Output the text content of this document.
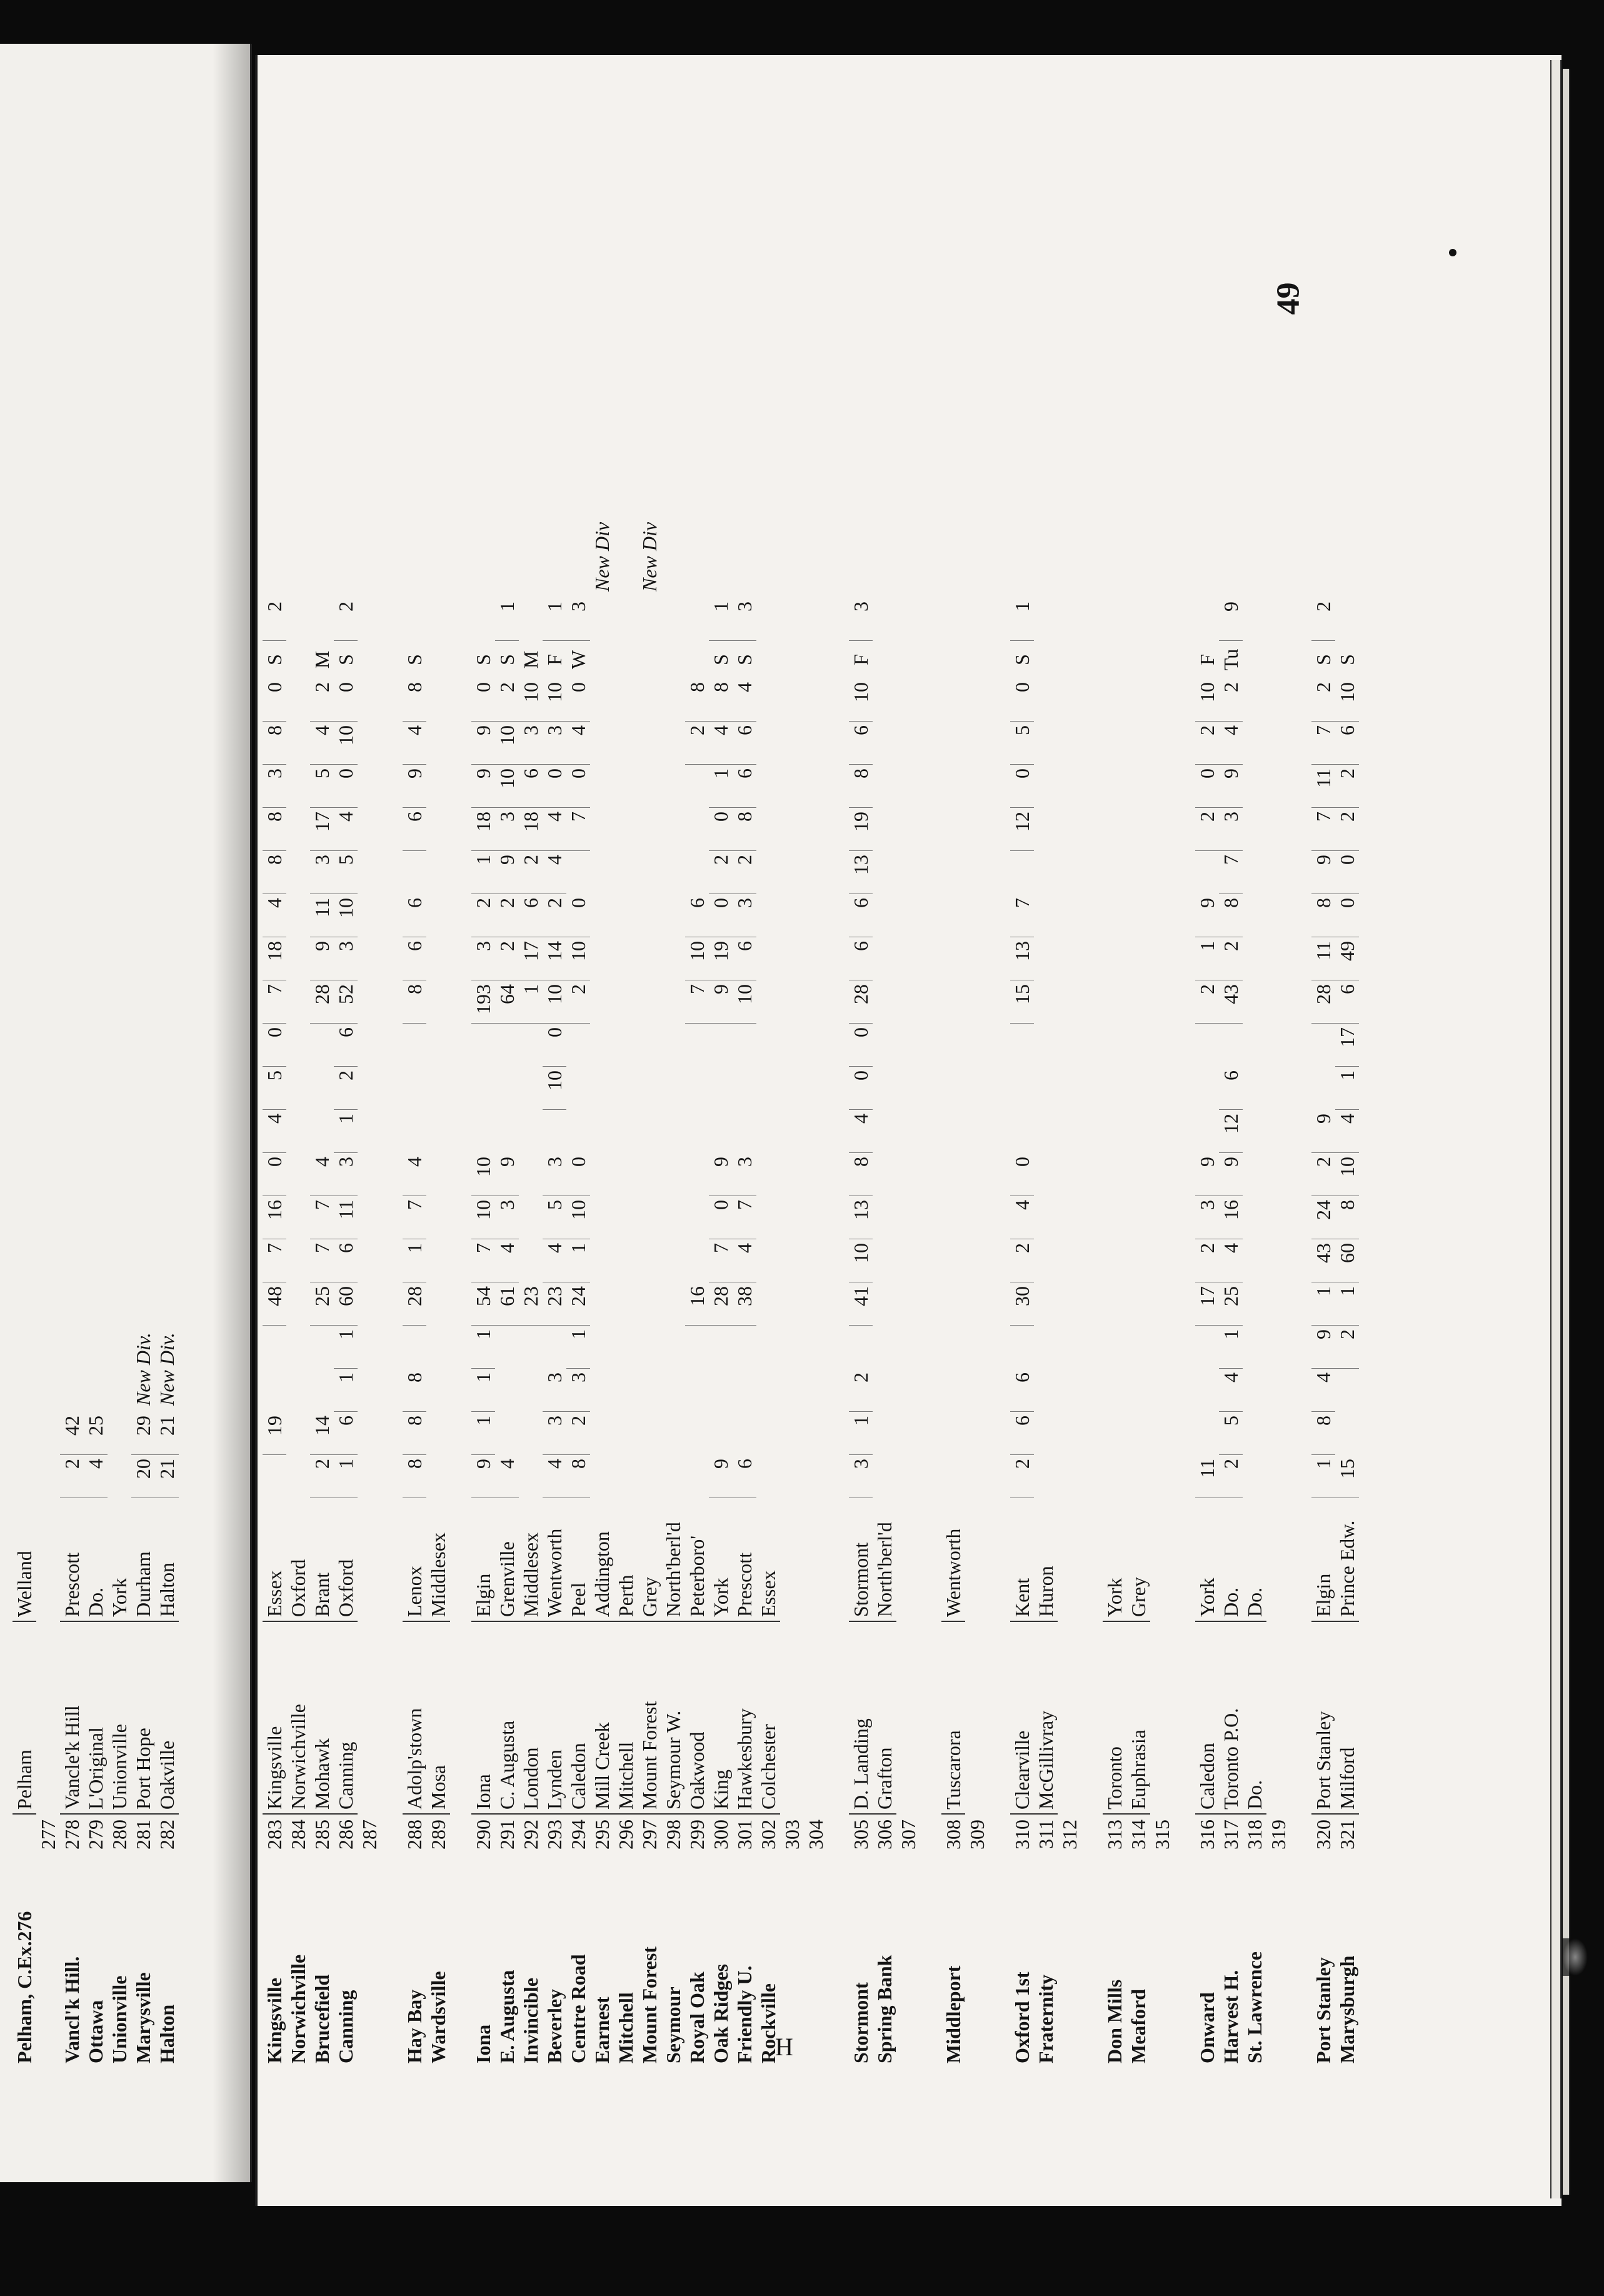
Pelham, C.Ex.276
Pelham
Welland
277
Vancl'k Hill.
278
Vancle'k Hill
Prescott
2
42
Ottawa
279
L'Original
Do.
4
25
Unionville
280
Unionville
York
Marysville
281
Port Hope
Durham
20
29
New Div.
Halton
282
Oakville
Halton
21
21
New Div.
Kingsville
283
Kingsville
Essex
19
48
7
16
0
4
5
0
7
18
4
8
8
3
8
0
S
2
Norwichville
284
Norwichville
Oxford
Brucefield
285
Mohawk
Brant
2
14
25
7
7
4
28
9
11
3
17
5
4
2
M
Canning
286
Canning
Oxford
1
6
1
1
60
6
11
3
1
2
6
52
3
10
5
4
0
10
0
S
2
287
Hay Bay
288
Adolp'stown
Lenox
8
8
8
28
1
7
4
8
6
6
6
9
4
8
S
Wardsville
289
Mosa
Middlesex
Iona
290
Iona
Elgin
9
1
1
1
54
7
10
10
193
3
2
1
18
9
9
0
S
E. Augusta
291
C. Augusta
Grenville
4
61
4
3
9
64
2
2
9
3
10
10
2
S
1
Invincible
292
London
Middlesex
23
1
17
6
2
18
6
3
10
M
Beverley
293
Lynden
Wentworth
4
3
3
23
4
5
3
10
0
10
14
2
4
4
0
3
10
F
1
Centre Road
294
Caledon
Peel
8
2
3
1
24
1
10
0
2
10
0
7
0
4
0
W
3
Earnest
295
Mill Creek
Addington
New Div
Mitchell
296
Mitchell
Perth
Mount Forest
297
Mount Forest
Grey
New Div
Seymour
298
Seymour W.
North'berl'd
Royal Oak
299
Oakwood
Peterboro'
16
7
10
6
2
8
Oak Ridges
300
King
York
9
28
7
0
9
9
19
0
2
0
1
4
8
S
1
Friendly U.
301
Hawkesbury
Prescott
6
38
4
7
3
10
6
3
2
8
6
6
4
S
3
Rockville
302
Colchester
Essex
303 304
Stormont
305
D. Landing
Stormont
3
1
2
41
10
13
8
4
0
0
28
6
6
13
19
8
6
10
F
3
Spring Bank
306
Grafton
North'berl'd
307
Middleport
308
Tuscarora
Wentworth
309
Oxford 1st
310
Clearville
Kent
2
6
6
30
2
4
0
15
13
7
12
0
5
0
S
1
Fraternity
311
McGillivray
Huron
312
Don Mills
313
Toronto
York
Meaford
314
Euphrasia
Grey
315
Onward
316
Caledon
York
11
17
2
3
9
2
1
9
2
0
2
10
F
Harvest H.
317
Toronto P.O.
Do.
2
5
4
1
25
4
16
9
12
6
43
2
8
7
3
9
4
2
Tu
9
St. Lawrence
318
Do.
Do.
319
Port Stanley
320
Port Stanley
Elgin
1
8
4
9
1
43
24
2
9
28
11
8
9
7
11
7
2
S
2
Marysburgh
321
Milford
Prince Edw.
15
2
1
60
8
10
4
1
17
6
49
0
0
2
2
6
10
S
49
H
